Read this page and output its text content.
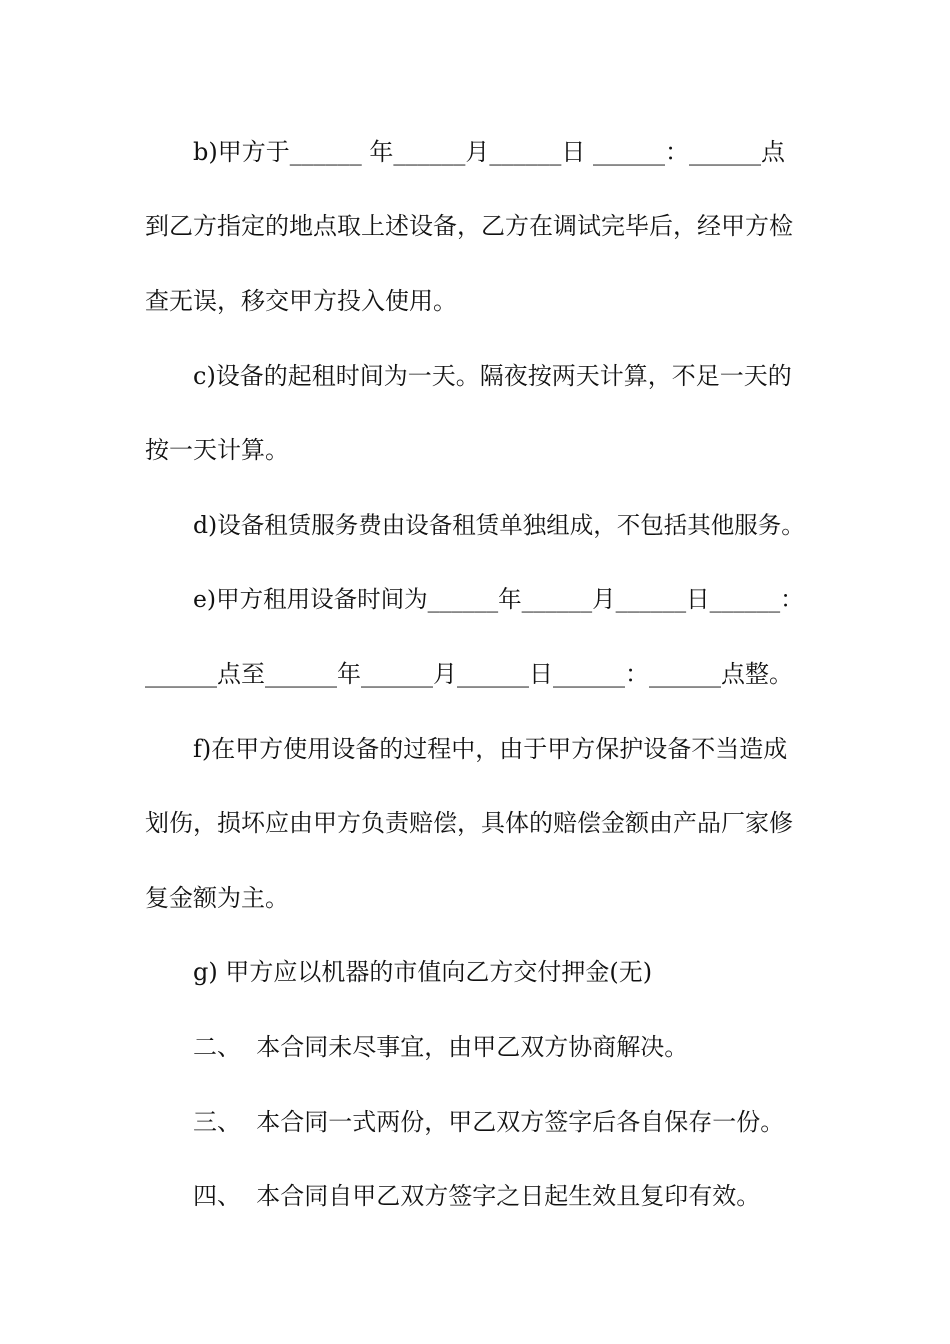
b)甲方于______ 年______月______日 ______：______点
到乙方指定的地点取上述设备，乙方在调试完毕后，经甲方检
查无误，移交甲方投入使用。
c)设备的起租时间为一天。隔夜按两天计算，不足一天的
按一天计算。
d)设备租赁服务费由设备租赁单独组成，不包括其他服务。
e)甲方租用设备时间为______年______月______日______：
______点至______年______月______日______：______点整。
f)在甲方使用设备的过程中，由于甲方保护设备不当造成
划伤，损坏应由甲方负责赔偿，具体的赔偿金额由产品厂家修
复金额为主。
g) 甲方应以机器的市值向乙方交付押金(无)
二、  本合同未尽事宜，由甲乙双方协商解决。
三、  本合同一式两份，甲乙双方签字后各自保存一份。
四、  本合同自甲乙双方签字之日起生效且复印有效。
